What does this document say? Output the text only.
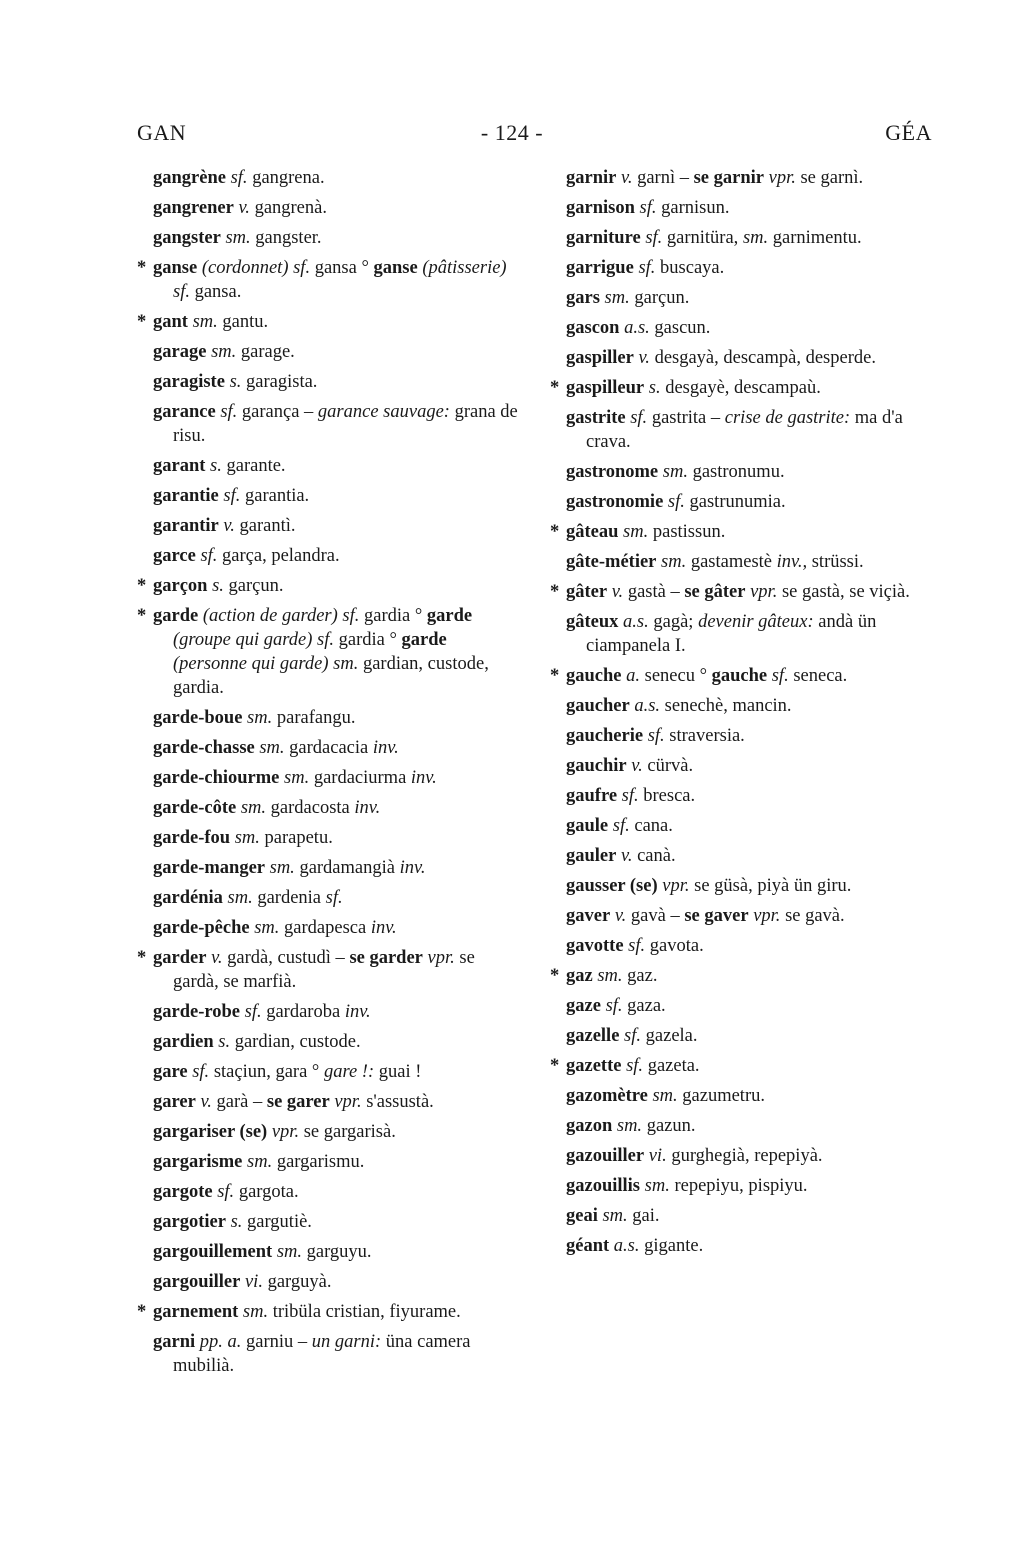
GAN	- 124 -	GÉA
gangrène sf. gangrena.
gangrener v. gangrenà.
gangster sm. gangster.
* ganse (cordonnet) sf. gansa ° ganse (pâtisserie) sf. gansa.
* gant sm. gantu.
garage sm. garage.
garagiste s. garagista.
garance sf. garança – garance sauvage: grana de risu.
garant s. garante.
garantie sf. garantia.
garantir v. garantì.
garce sf. garça, pelandra.
* garçon s. garçun.
* garde (action de garder) sf. gardia ° garde (groupe qui garde) sf. gardia ° garde (personne qui garde) sm. gardian, custode, gardia.
garde-boue sm. parafangu.
garde-chasse sm. gardacacia inv.
garde-chiourme sm. gardaciurma inv.
garde-côte sm. gardacosta inv.
garde-fou sm. parapetu.
garde-manger sm. gardamangià inv.
gardénia sm. gardenia sf.
garde-pêche sm. gardapesca inv.
* garder v. gardà, custudì – se garder vpr. se gardà, se marfià.
garde-robe sf. gardaroba inv.
gardien s. gardian, custode.
gare sf. staçiun, gara ° gare !: guai !
garer v. garà – se garer vpr. s'assustà.
gargariser (se) vpr. se gargarisà.
gargarisme sm. gargarismu.
gargote sf. gargota.
gargotier s. gargutiè.
gargouillement sm. garguyu.
gargouiller vi. garguyà.
* garnement sm. tribüla cristian, fiyurame.
garni pp. a. garniu – un garni: üna camera mubilià.
garnir v. garnì – se garnir vpr. se garnì.
garnison sf. garnisun.
garniture sf. garnitüra, sm. garnimentu.
garrigue sf. buscaya.
gars sm. garçun.
gascon a.s. gascun.
gaspiller v. desgayà, descampà, desperde.
* gaspilleur s. desgayè, descampaù.
gastrite sf. gastrita – crise de gastrite: ma d'a crava.
gastronome sm. gastronumu.
gastronomie sf. gastrunumia.
* gâteau sm. pastissun.
gâte-métier sm. gastamestè inv., strüssi.
* gâter v. gastà – se gâter vpr. se gastà, se viçià.
gâteux a.s. gagà; devenir gâteux: andà ün ciampanela I.
* gauche a. senecu ° gauche sf. seneca.
gaucher a.s. senechè, mancin.
gaucherie sf. straversia.
gauchir v. cürvà.
gaufre sf. bresca.
gaule sf. cana.
gauler v. canà.
gausser (se) vpr. se güsà, piyà ün giru.
gaver v. gavà – se gaver vpr. se gavà.
gavotte sf. gavota.
* gaz sm. gaz.
gaze sf. gaza.
gazelle sf. gazela.
* gazette sf. gazeta.
gazomètre sm. gazumetru.
gazon sm. gazun.
gazouiller vi. gurghegià, repepiyà.
gazouillis sm. repepiyu, pispiyu.
geai sm. gai.
géant a.s. gigante.
